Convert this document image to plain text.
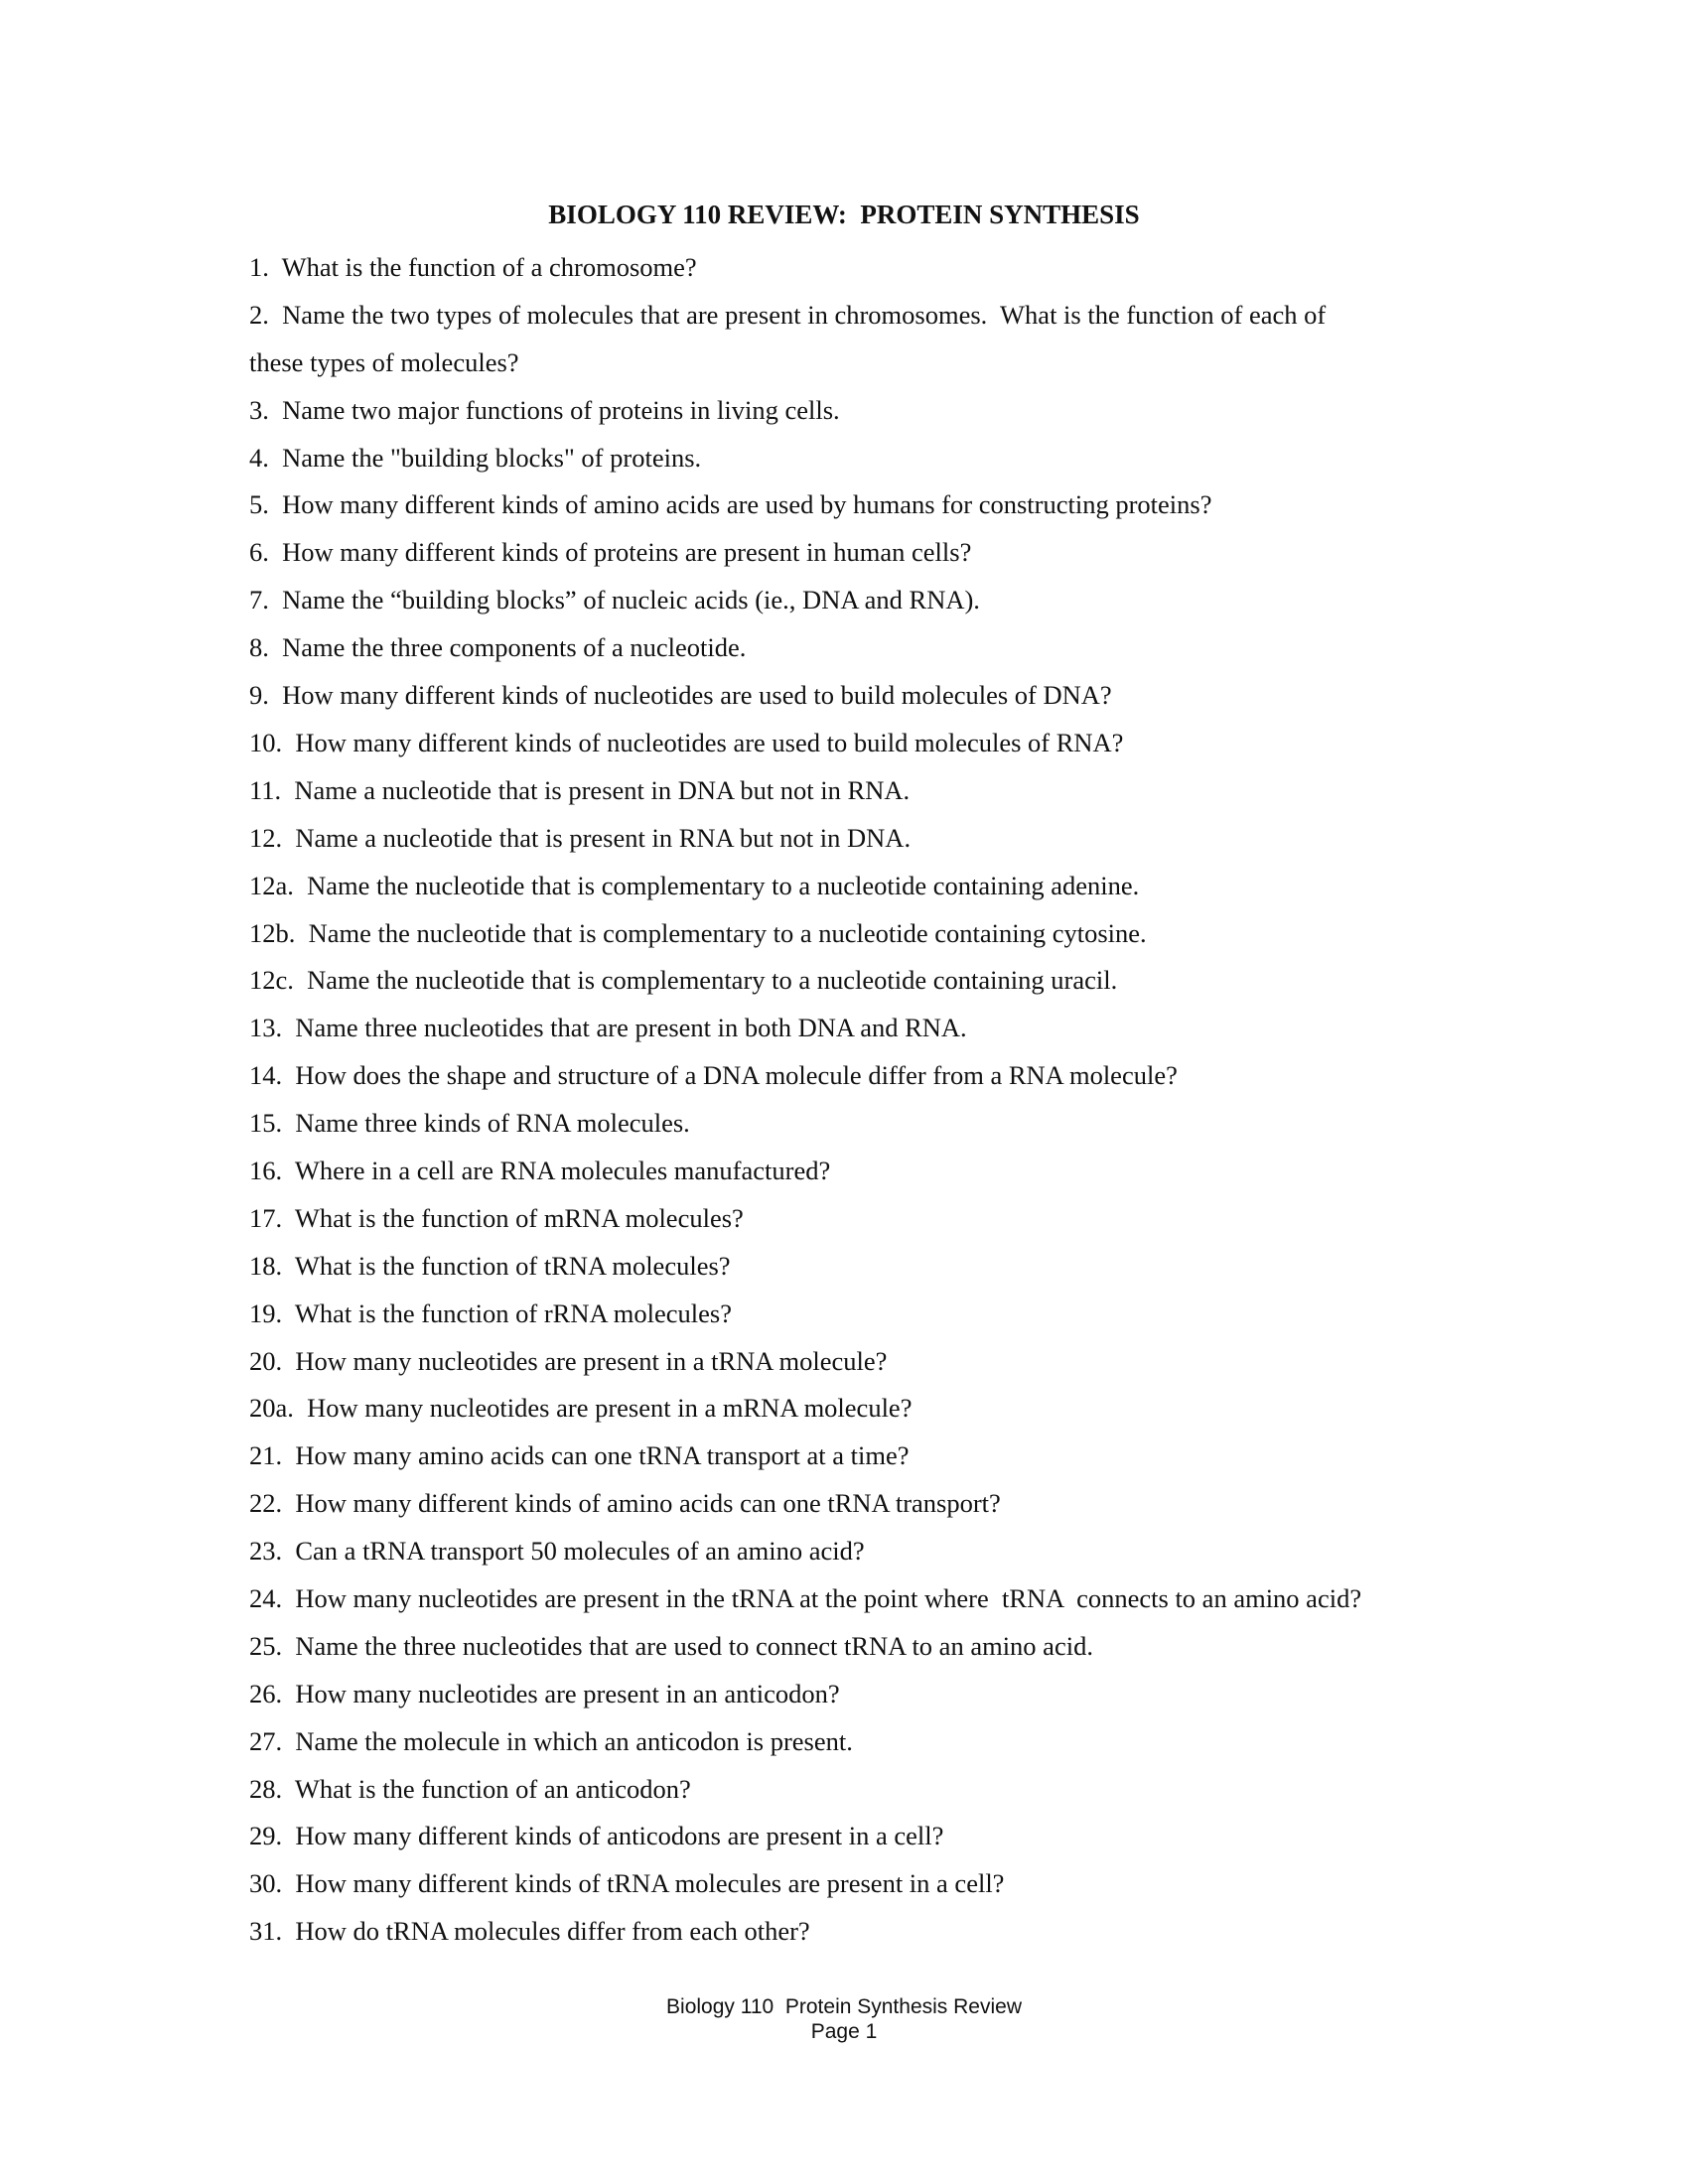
BIOLOGY 110 REVIEW:  PROTEIN SYNTHESIS
1. What is the function of a chromosome?
2. Name the two types of molecules that are present in chromosomes.  What is the function of each of
these types of molecules?
3. Name two major functions of proteins in living cells.
4. Name the "building blocks" of proteins.
5. How many different kinds of amino acids are used by humans for constructing proteins?
6. How many different kinds of proteins are present in human cells?
7. Name the “building blocks” of nucleic acids (ie., DNA and RNA).
8. Name the three components of a nucleotide.
9. How many different kinds of nucleotides are used to build molecules of DNA?
10. How many different kinds of nucleotides are used to build molecules of RNA?
11. Name a nucleotide that is present in DNA but not in RNA.
12. Name a nucleotide that is present in RNA but not in DNA.
12a. Name the nucleotide that is complementary to a nucleotide containing adenine.
12b. Name the nucleotide that is complementary to a nucleotide containing cytosine.
12c. Name the nucleotide that is complementary to a nucleotide containing uracil.
13. Name three nucleotides that are present in both DNA and RNA.
14. How does the shape and structure of a DNA molecule differ from a RNA molecule?
15. Name three kinds of RNA molecules.
16. Where in a cell are RNA molecules manufactured?
17. What is the function of mRNA molecules?
18. What is the function of tRNA molecules?
19. What is the function of rRNA molecules?
20. How many nucleotides are present in a tRNA molecule?
20a. How many nucleotides are present in a mRNA molecule?
21. How many amino acids can one tRNA transport at a time?
22. How many different kinds of amino acids can one tRNA transport?
23. Can a tRNA transport 50 molecules of an amino acid?
24. How many nucleotides are present in the tRNA at the point where  tRNA  connects to an amino acid?
25. Name the three nucleotides that are used to connect tRNA to an amino acid.
26. How many nucleotides are present in an anticodon?
27. Name the molecule in which an anticodon is present.
28. What is the function of an anticodon?
29. How many different kinds of anticodons are present in a cell?
30. How many different kinds of tRNA molecules are present in a cell?
31. How do tRNA molecules differ from each other?
Biology 110  Protein Synthesis Review
Page 1
